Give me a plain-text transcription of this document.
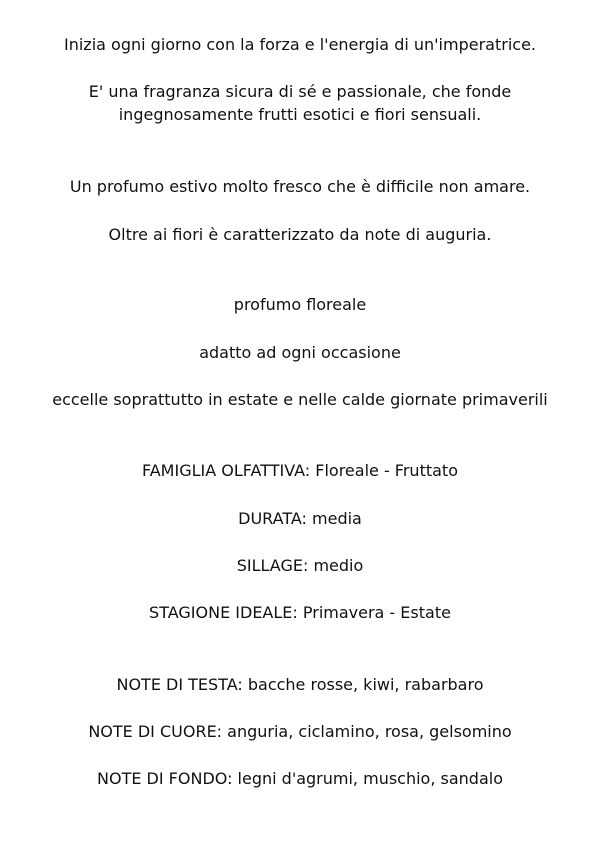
Inizia ogni giorno con la forza e l'energia di un'imperatrice.

E' una fragranza sicura di sé e passionale, che fonde

ingegnosamente frutti esotici e fiori sensuali.

Un profumo estivo molto fresco che è difficile non amare.

Oltre ai fiori è caratterizzato da note di auguria.

profumo floreale

adatto ad ogni occasione

eccelle soprattutto in estate e nelle calde giornate primaverili

FAMIGLIA OLFATTIVA: Floreale - Fruttato

DURATA: media

SILLAGE: medio

STAGIONE IDEALE: Primavera - Estate

NOTE DI TESTA: bacche rosse, kiwi, rabarbaro

NOTE DI CUORE: anguria, ciclamino, rosa, gelsomino

NOTE DI FONDO: legni d'agrumi, muschio, sandalo
